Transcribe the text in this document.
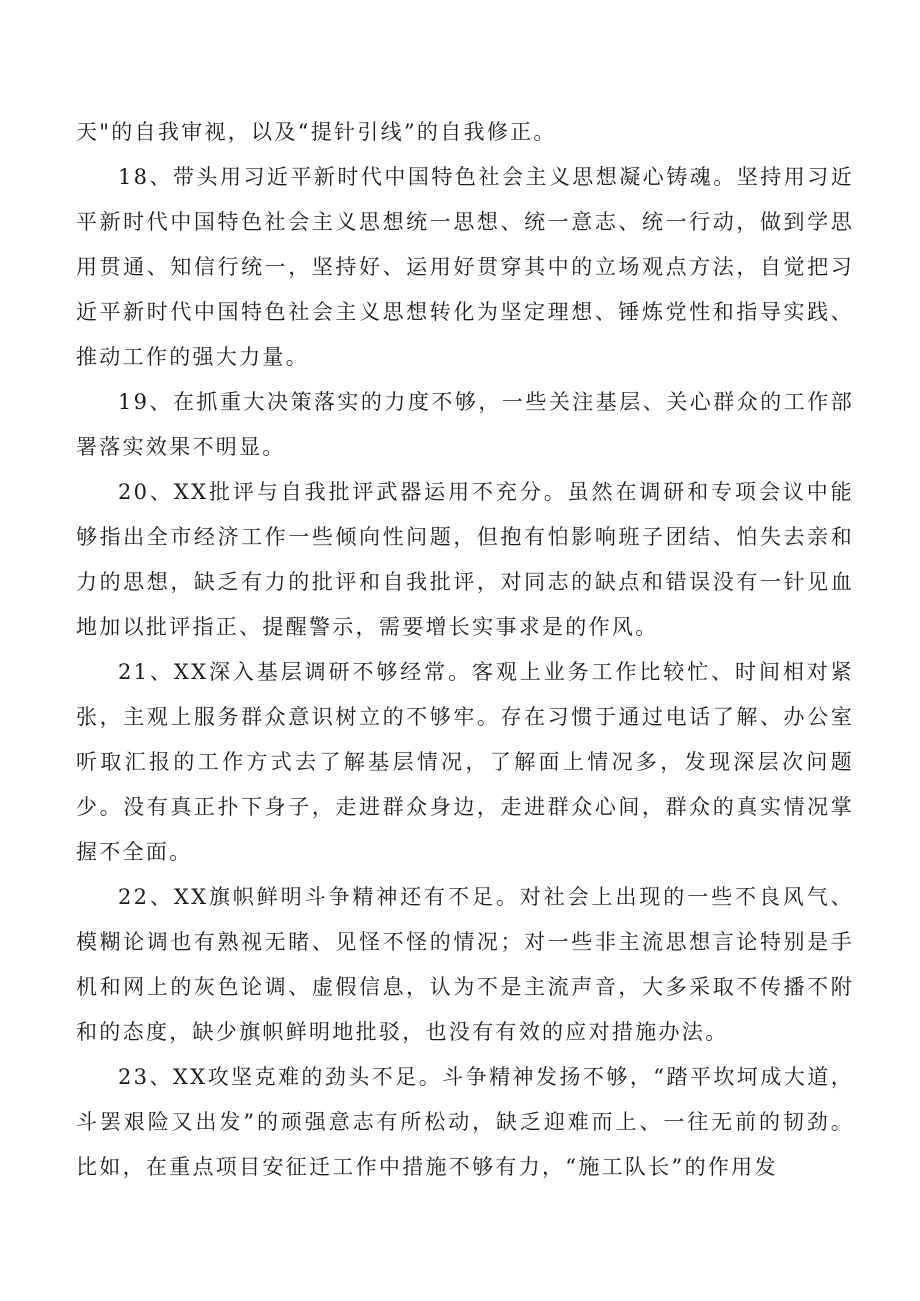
天"的自我审视，以及“提针引线”的自我修正。

18、带头用习近平新时代中国特色社会主义思想凝心铸魂。坚持用习近平新时代中国特色社会主义思想统一思想、统一意志、统一行动，做到学思用贯通、知信行统一，坚持好、运用好贯穿其中的立场观点方法，自觉把习近平新时代中国特色社会主义思想转化为坚定理想、锤炼党性和指导实践、推动工作的强大力量。

19、在抓重大决策落实的力度不够，一些关注基层、关心群众的工作部署落实效果不明显。

20、XX批评与自我批评武器运用不充分。虽然在调研和专项会议中能够指出全市经济工作一些倾向性问题，但抱有怕影响班子团结、怕失去亲和力的思想，缺乏有力的批评和自我批评，对同志的缺点和错误没有一针见血地加以批评指正、提醒警示，需要增长实事求是的作风。

21、XX深入基层调研不够经常。客观上业务工作比较忙、时间相对紧张，主观上服务群众意识树立的不够牢。存在习惯于通过电话了解、办公室听取汇报的工作方式去了解基层情况，了解面上情况多，发现深层次问题少。没有真正扑下身子，走进群众身边，走进群众心间，群众的真实情况掌握不全面。

22、XX旗帜鲜明斗争精神还有不足。对社会上出现的一些不良风气、模糊论调也有熟视无睹、见怪不怪的情况；对一些非主流思想言论特别是手机和网上的灰色论调、虚假信息，认为不是主流声音，大多采取不传播不附和的态度，缺少旗帜鲜明地批驳，也没有有效的应对措施办法。

23、XX攻坚克难的劲头不足。斗争精神发扬不够，“踏平坎坷成大道，斗罢艰险又出发”的顽强意志有所松动，缺乏迎难而上、一往无前的韧劲。比如，在重点项目安征迁工作中措施不够有力，“施工队长”的作用发
